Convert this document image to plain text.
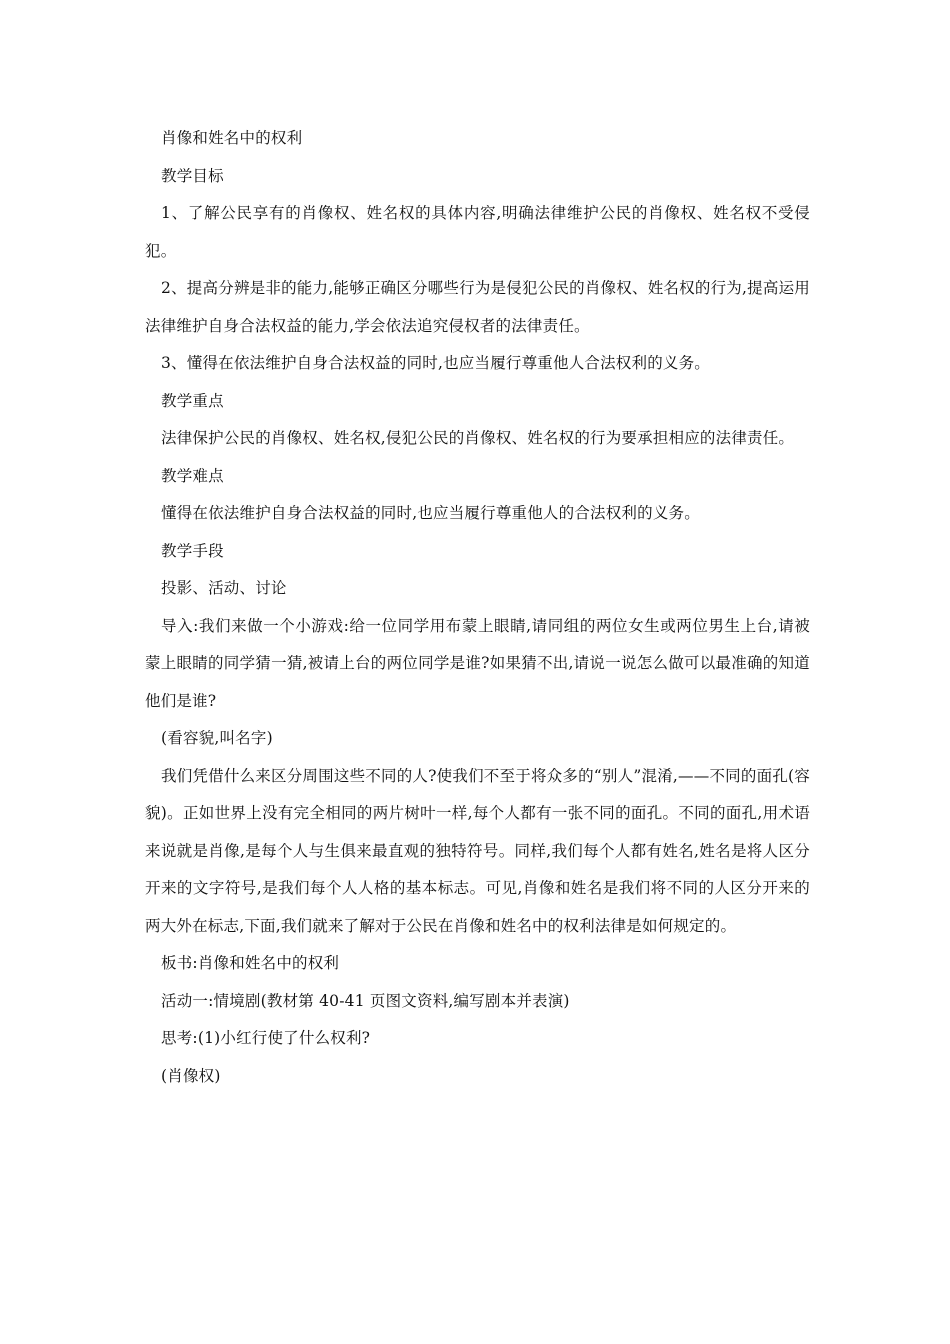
肖像和姓名中的权利

教学目标

1、了解公民享有的肖像权、姓名权的具体内容,明确法律维护公民的肖像权、姓名权不受侵犯。

2、提高分辨是非的能力,能够正确区分哪些行为是侵犯公民的肖像权、姓名权的行为,提高运用法律维护自身合法权益的能力,学会依法追究侵权者的法律责任。

3、懂得在依法维护自身合法权益的同时,也应当履行尊重他人合法权利的义务。

教学重点

法律保护公民的肖像权、姓名权,侵犯公民的肖像权、姓名权的行为要承担相应的法律责任。

教学难点

懂得在依法维护自身合法权益的同时,也应当履行尊重他人的合法权利的义务。

教学手段

投影、活动、讨论

导入:我们来做一个小游戏:给一位同学用布蒙上眼睛,请同组的两位女生或两位男生上台,请被蒙上眼睛的同学猜一猜,被请上台的两位同学是谁?如果猜不出,请说一说怎么做可以最准确的知道他们是谁?

(看容貌,叫名字)

我们凭借什么来区分周围这些不同的人?使我们不至于将众多的“别人”混淆,——不同的面孔(容貌)。正如世界上没有完全相同的两片树叶一样,每个人都有一张不同的面孔。不同的面孔,用术语来说就是肖像,是每个人与生俱来最直观的独特符号。同样,我们每个人都有姓名,姓名是将人区分开来的文字符号,是我们每个人人格的基本标志。可见,肖像和姓名是我们将不同的人区分开来的两大外在标志,下面,我们就来了解对于公民在肖像和姓名中的权利法律是如何规定的。

板书:肖像和姓名中的权利

活动一:情境剧(教材第 40-41 页图文资料,编写剧本并表演)

思考:(1)小红行使了什么权利?

(肖像权)
